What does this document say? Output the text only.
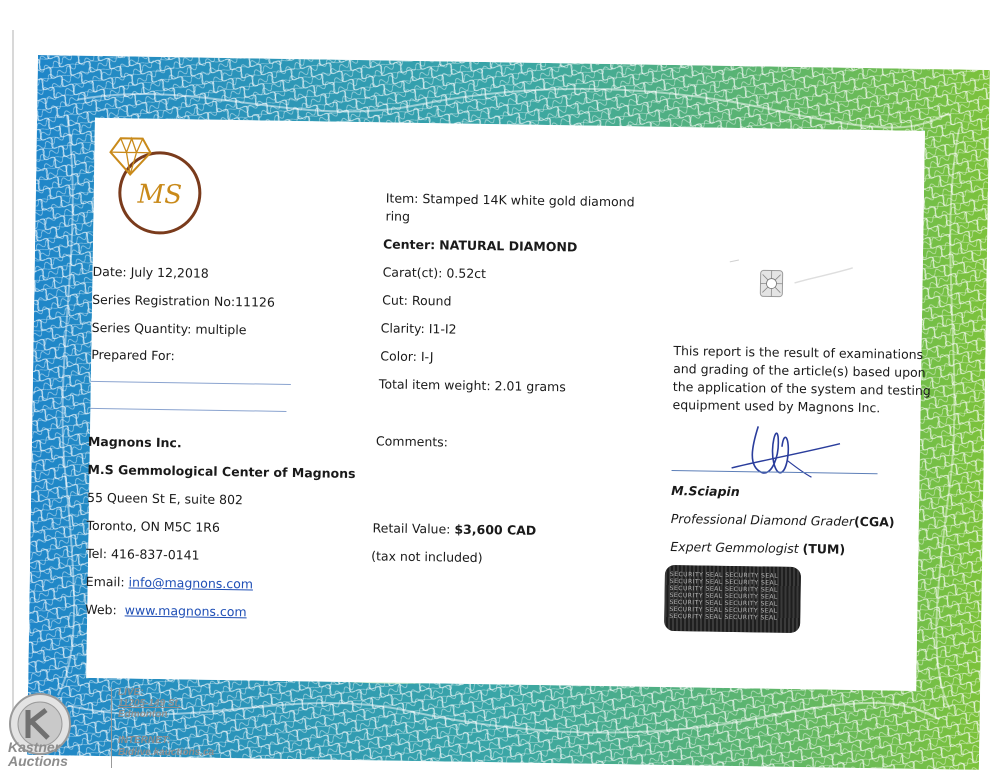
MS
Date: July 12,2018
Series Registration No:11126
Series Quantity: multiple
Prepared For:
Magnons Inc.
M.S Gemmological Center of Magnons
55 Queen St E, suite 802
Toronto, ON M5C 1R6
Tel: 416-837-0141
Email: info@magnons.com
Web: www.magnons.com
Item: Stamped 14K white gold diamond
ring
Center: NATURAL DIAMOND
Carat(ct): 0.52ct
Cut: Round
Clarity: I1-I2
Color: I-J
Total item weight: 2.01 grams
Comments:
Retail Value: $3,600 CAD
(tax not included)
This report is the result of examinations
and grading of the article(s) based upon
the application of the system and testing
equipment used by Magnons Inc.
M.Sciapin
Professional Diamond Grader(CGA)
Expert Gemmologist (TUM)
SECURITY SEAL SECURITY SEAL SECURITY SEAL SECURITY SEAL SECURITY SEAL SECURITY SEAL SECURITY SEAL SECURITY SEAL SECURITY SEAL SECURITY SEAL SECURITY SEAL SECURITY SEAL SECURITY SEAL SECURITY SEAL
Kastner
Auctions
LIVE:
11205-149 St.
Edmonton
INTERNET:
Bidlive.kauctions.ca
